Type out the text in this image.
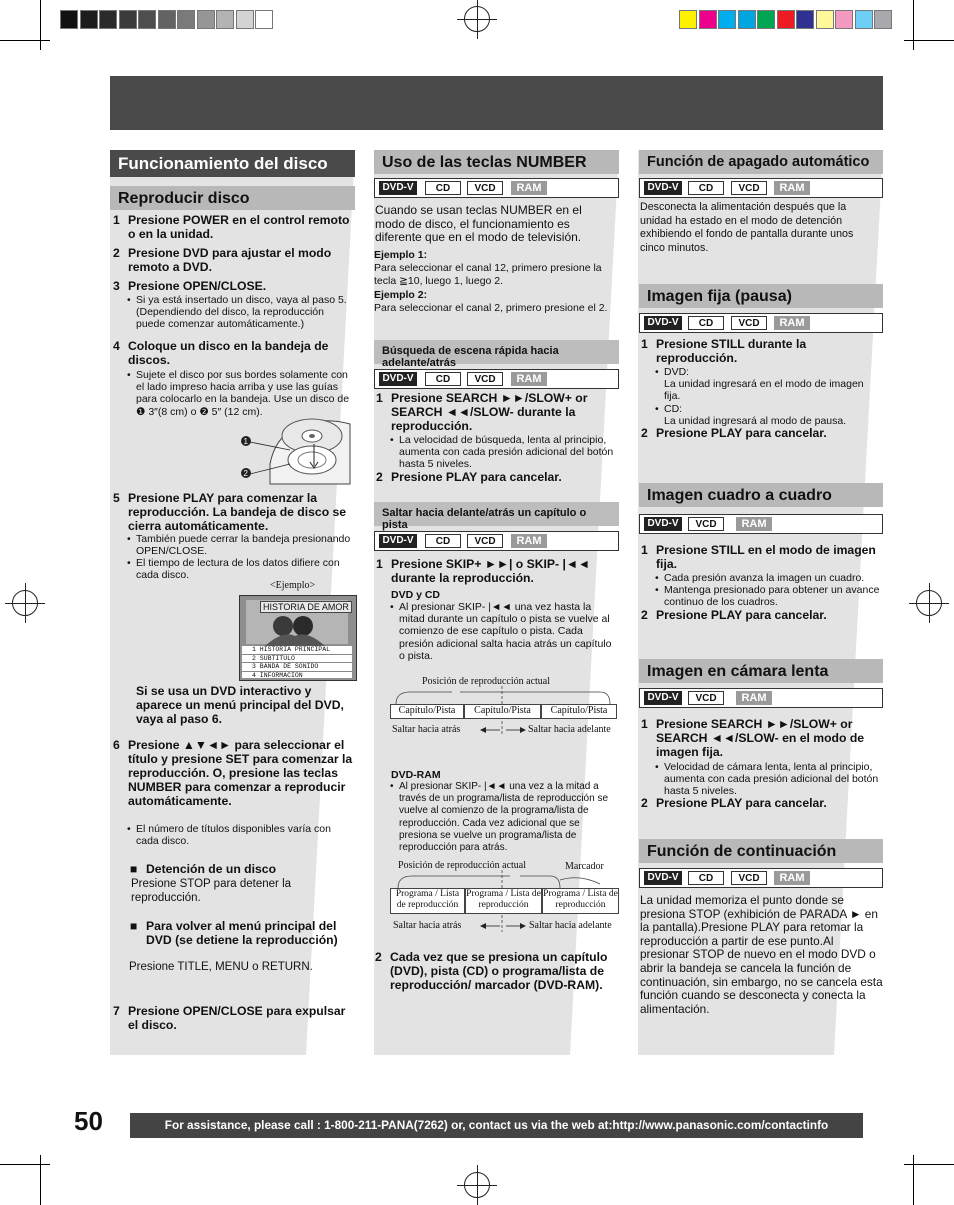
Funcionamiento del disco
Reproducir disco
1 Presione POWER en el control remoto o en la unidad.
2 Presione DVD para ajustar el modo remoto a DVD.
3 Presione OPEN/CLOSE.
• Si ya está insertado un disco, vaya al paso 5. (Dependiendo del disco, la reproducción puede comenzar automáticamente.)
4 Coloque un disco en la bandeja de discos.
• Sujete el disco por sus bordes solamente con el lado impreso hacia arriba y use las guías para colocarlo en la bandeja. Use un disco de ❶ 3″(8 cm) o ❷ 5″ (12 cm).
1
2
5 Presione PLAY para comenzar la reproducción. La bandeja de disco se cierra automáticamente.
• También puede cerrar la bandeja presionando OPEN/CLOSE.
• El tiempo de lectura de los datos difiere con cada disco.
<Ejemplo>
HISTORIA DE AMOR
1 HISTORIA PRINCIPAL
2 SUBTITULO
3 BANDA DE SONIDO
4 INFORMACION
Si se usa un DVD interactivo y aparece un menú principal del DVD, vaya al paso 6.
6 Presione ▲▼◄► para seleccionar el título y presione SET para comenzar la reproducción. O, presione las teclas NUMBER para comenzar a reproducir automáticamente.
• El número de títulos disponibles varía con cada disco.
■ Detención de un disco
Presione STOP para detener la reproducción.
■ Para volver al menú principal del DVD (se detiene la reproducción)
Presione TITLE, MENU o RETURN.
7 Presione OPEN/CLOSE para expulsar el disco.
Uso de las teclas NUMBER
DVD-V	CD	VCD	RAM
Cuando se usan teclas NUMBER en el modo de disco, el funcionamiento es diferente que en el modo de televisión.
Ejemplo 1:
Para seleccionar el canal 12, primero presione la tecla ≧10, luego 1, luego 2.
Ejemplo 2:
Para seleccionar el canal 2, primero presione el 2.
Búsqueda de escena rápida hacia adelante/atrás
DVD-V	CD	VCD	RAM
1 Presione SEARCH ►►/SLOW+ or SEARCH ◄◄/SLOW- durante la reproducción.
• La velocidad de búsqueda, lenta al principio, aumenta con cada presión adicional del botón hasta 5 niveles.
2 Presione PLAY para cancelar.
Saltar hacia delante/atrás un capítulo o pista
DVD-V	CD	VCD	RAM
1 Presione SKIP+ ►►| o SKIP- |◄◄ durante la reproducción.
DVD y CD
• Al presionar SKIP- |◄◄ una vez hasta la mitad durante un capítulo o pista se vuelve al comienzo de ese capítulo o pista. Cada presión adicional salta hacia atrás un capítulo o pista.
Posición de reproducción actual
Capítulo/Pista	Capítulo/Pista	Capítulo/Pista
Saltar hacia atrás	Saltar hacia adelante
DVD-RAM
• Al presionar SKIP- |◄◄ una vez a la mitad a través de un programa/lista de reproducción se vuelve al comienzo de la programa/lista de reproducción. Cada vez adicional que se presiona se vuelve un programa/lista de reproducción para atrás.
Posición de reproducción actual	Marcador
Programa / Lista de reproducción
Programa / Lista de reproducción
Programa / Lista de reproducción
Saltar hacia atrás	Saltar hacia adelante
2 Cada vez que se presiona un capítulo (DVD), pista (CD) o programa/lista de reproducción/ marcador (DVD-RAM).
Función de apagado automático
DVD-V	CD	VCD	RAM
Desconecta la alimentación después que la unidad ha estado en el modo de detención exhibiendo el fondo de pantalla durante unos cinco minutos.
Imagen fija (pausa)
DVD-V	CD	VCD	RAM
1 Presione STILL durante la reproducción.
• DVD:
La unidad ingresará en el modo de imagen fija.
• CD:
La unidad ingresará al modo de pausa.
2 Presione PLAY para cancelar.
Imagen cuadro a cuadro
DVD-V	VCD	RAM
1 Presione STILL en el modo de imagen fija.
• Cada presión avanza la imagen un cuadro.
• Mantenga presionado para obtener un avance continuo de los cuadros.
2 Presione PLAY para cancelar.
Imagen en cámara lenta
DVD-V	VCD	RAM
1 Presione SEARCH ►►/SLOW+ or SEARCH ◄◄/SLOW- en el modo de imagen fija.
• Velocidad de cámara lenta, lenta al principio, aumenta con cada presión adicional del botón hasta 5 niveles.
2 Presione PLAY para cancelar.
Función de continuación
DVD-V	CD	VCD	RAM
La unidad memoriza el punto donde se presiona STOP (exhibición de PARADA ► en la pantalla).Presione PLAY para retomar la reproducción a partir de ese punto.Al presionar STOP de nuevo en el modo DVD o abrir la bandeja se cancela la función de continuación, sin embargo, no se cancela esta función cuando se desconecta y conecta la alimentación.
50	For assistance, please call : 1-800-211-PANA(7262) or, contact us via the web at:http://www.panasonic.com/contactinfo
